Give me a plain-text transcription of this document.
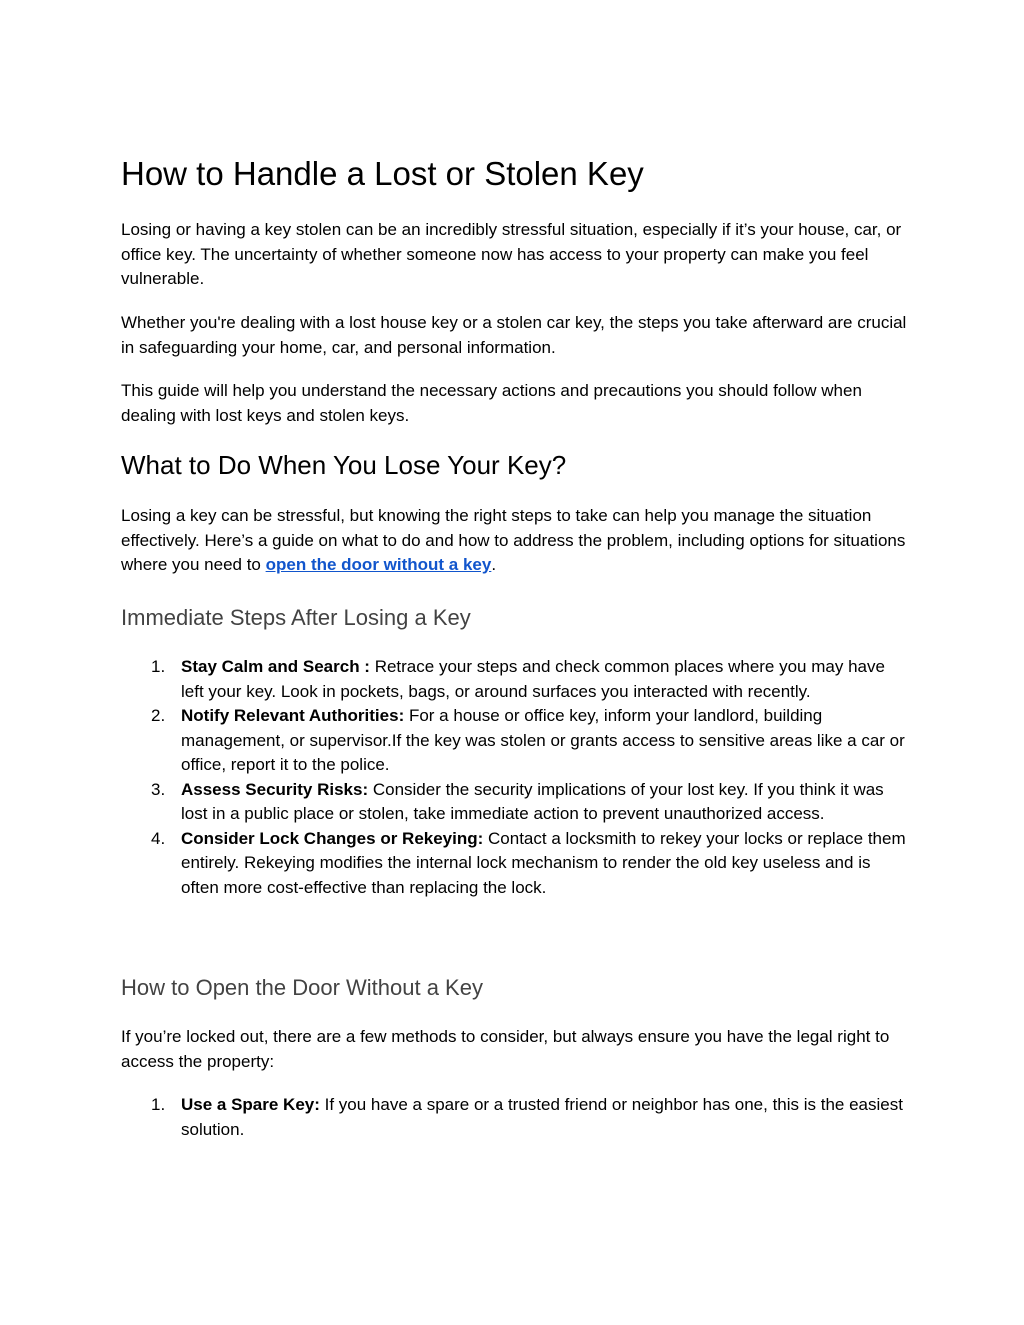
How to Handle a Lost or Stolen Key

Losing or having a key stolen can be an incredibly stressful situation, especially if it’s your house, car, or office key. The uncertainty of whether someone now has access to your property can make you feel vulnerable.

Whether you're dealing with a lost house key or a stolen car key, the steps you take afterward are crucial in safeguarding your home, car, and personal information.

This guide will help you understand the necessary actions and precautions you should follow when dealing with lost keys and stolen keys.

What to Do When You Lose Your Key?

Losing a key can be stressful, but knowing the right steps to take can help you manage the situation effectively. Here’s a guide on what to do and how to address the problem, including options for situations where you need to open the door without a key.

Immediate Steps After Losing a Key
1. Stay Calm and Search : Retrace your steps and check common places where you may have left your key. Look in pockets, bags, or around surfaces you interacted with recently.
2. Notify Relevant Authorities: For a house or office key, inform your landlord, building management, or supervisor.If the key was stolen or grants access to sensitive areas like a car or office, report it to the police.
3. Assess Security Risks: Consider the security implications of your lost key. If you think it was lost in a public place or stolen, take immediate action to prevent unauthorized access.
4. Consider Lock Changes or Rekeying: Contact a locksmith to rekey your locks or replace them entirely. Rekeying modifies the internal lock mechanism to render the old key useless and is often more cost-effective than replacing the lock.
How to Open the Door Without a Key

If you’re locked out, there are a few methods to consider, but always ensure you have the legal right to access the property:

1. Use a Spare Key: If you have a spare or a trusted friend or neighbor has one, this is the easiest solution.
